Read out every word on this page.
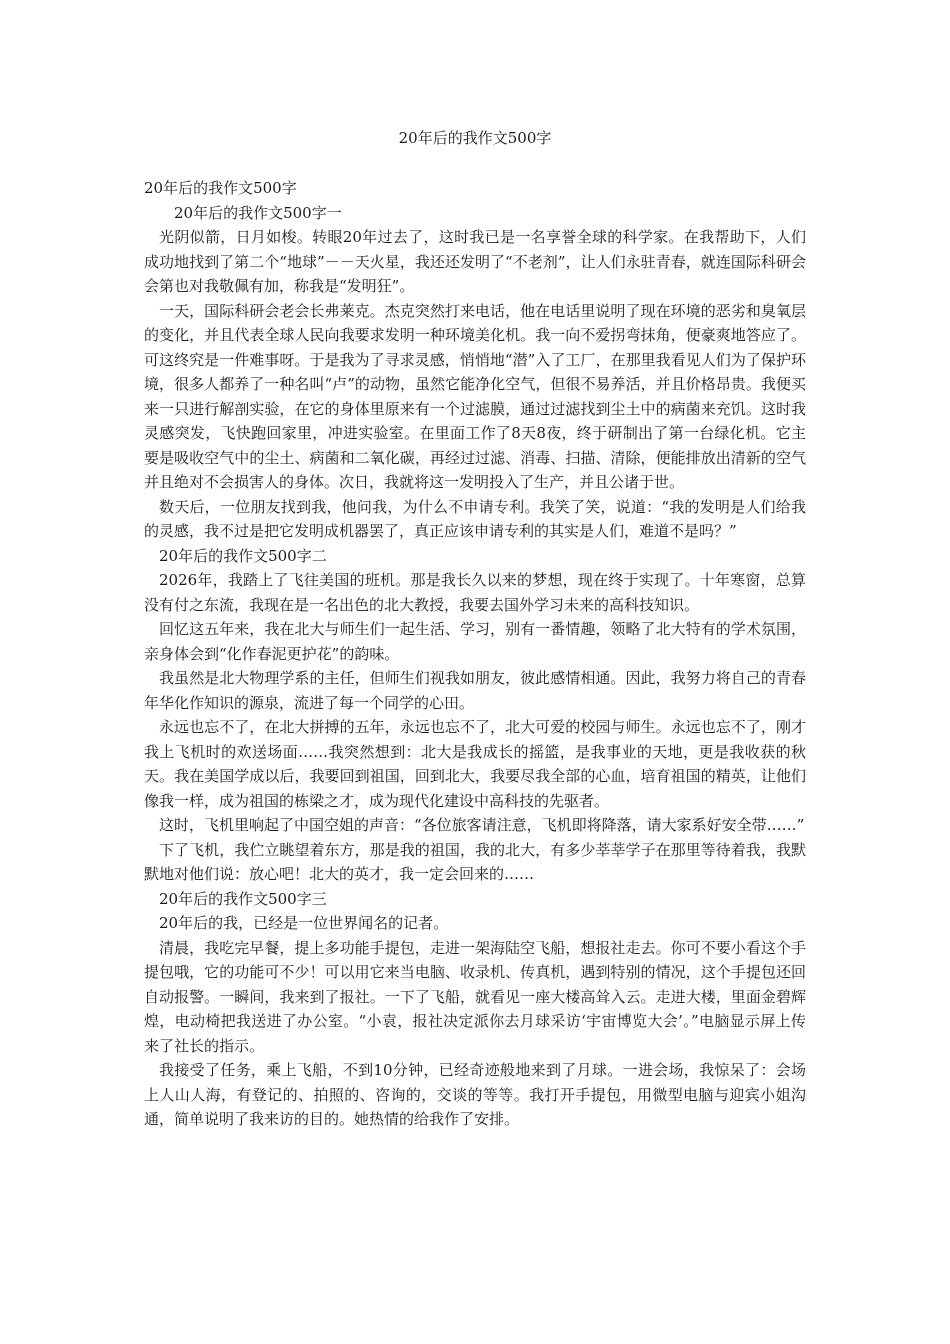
20年后的我作文500字

20年后的我作文500字

20年后的我作文500字一

光阴似箭，日月如梭。转眼20年过去了，这时我已是一名享誉全球的科学家。在我帮助下，人们成功地找到了第二个“地球”－－天火星，我还还发明了“不老剂”，让人们永驻青春，就连国际科研会会第也对我敬佩有加，称我是“发明狂”。

一天，国际科研会老会长弗莱克。杰克突然打来电话，他在电话里说明了现在环境的恶劣和臭氧层的变化，并且代表全球人民向我要求发明一种环境美化机。我一向不爱拐弯抹角，便豪爽地答应了。可这终究是一件难事呀。于是我为了寻求灵感，悄悄地“潜”入了工厂，在那里我看见人们为了保护环境，很多人都养了一种名叫“卢”的动物，虽然它能净化空气，但很不易养活，并且价格昂贵。我便买来一只进行解剖实验，在它的身体里原来有一个过滤膜，通过过滤找到尘土中的病菌来充饥。这时我灵感突发，飞快跑回家里，冲进实验室。在里面工作了8天8夜，终于研制出了第一台绿化机。它主要是吸收空气中的尘土、病菌和二氧化碳，再经过过滤、消毒、扫描、清除，便能排放出清新的空气并且绝对不会损害人的身体。次日，我就将这一发明投入了生产，并且公诸于世。

数天后，一位朋友找到我，他问我，为什么不申请专利。我笑了笑，说道：“我的发明是人们给我的灵感，我不过是把它发明成机器罢了，真正应该申请专利的其实是人们，难道不是吗？”

20年后的我作文500字二

2026年，我踏上了飞往美国的班机。那是我长久以来的梦想，现在终于实现了。十年寒窗，总算没有付之东流，我现在是一名出色的北大教授，我要去国外学习未来的高科技知识。

回忆这五年来，我在北大与师生们一起生活、学习，别有一番情趣，领略了北大特有的学术氛围，亲身体会到“化作春泥更护花”的韵味。

我虽然是北大物理学系的主任，但师生们视我如朋友，彼此感情相通。因此，我努力将自己的青春年华化作知识的源泉，流进了每一个同学的心田。

永远也忘不了，在北大拼搏的五年，永远也忘不了，北大可爱的校园与师生。永远也忘不了，刚才我上飞机时的欢送场面……我突然想到：北大是我成长的摇篮，是我事业的天地，更是我收获的秋天。我在美国学成以后，我要回到祖国，回到北大，我要尽我全部的心血，培育祖国的精英，让他们像我一样，成为祖国的栋梁之才，成为现代化建设中高科技的先驱者。

这时，飞机里响起了中国空姐的声音：“各位旅客请注意，飞机即将降落，请大家系好安全带……”

下了飞机，我伫立眺望着东方，那是我的祖国，我的北大，有多少莘莘学子在那里等待着我，我默默地对他们说：放心吧！北大的英才，我一定会回来的……

20年后的我作文500字三

20年后的我，已经是一位世界闻名的记者。

清晨，我吃完早餐，提上多功能手提包，走进一架海陆空飞船，想报社走去。你可不要小看这个手提包哦，它的功能可不少！可以用它来当电脑、收录机、传真机，遇到特别的情况，这个手提包还回自动报警。一瞬间，我来到了报社。一下了飞船，就看见一座大楼高耸入云。走进大楼，里面金碧辉煌，电动椅把我送进了办公室。“小袁，报社决定派你去月球采访‘宇宙博览大会’。”电脑显示屏上传来了社长的指示。

我接受了任务，乘上飞船，不到10分钟，已经奇迹般地来到了月球。一进会场，我惊呆了：会场上人山人海，有登记的、拍照的、咨询的，交谈的等等。我打开手提包，用微型电脑与迎宾小姐沟通，简单说明了我来访的目的。她热情的给我作了安排。
